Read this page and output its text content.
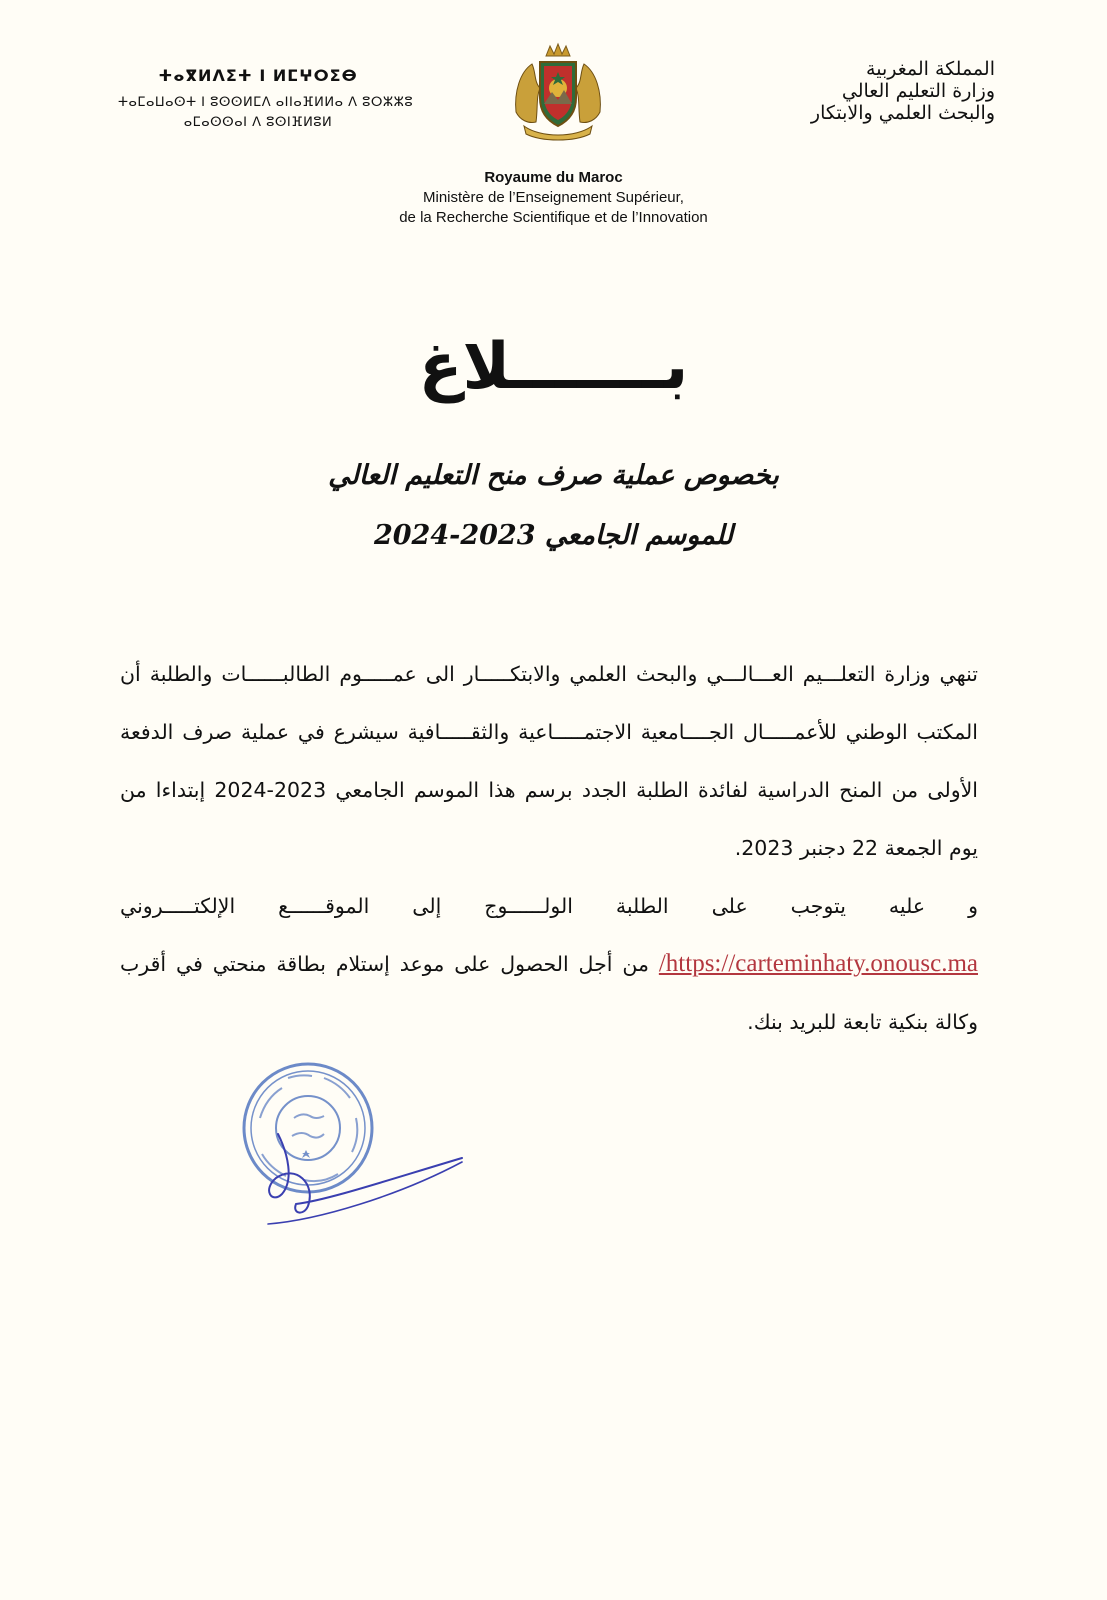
المملكة المغربية
وزارة التعليم العالي
والبحث العلمي والابتكار
ⵜⴰⴳⵍⴷⵉⵜ ⵏ ⵍⵎⵖⵔⵉⴱ
ⵜⴰⵎⴰⵡⴰⵙⵜ ⵏ ⵓⵙⵙⵍⵎⴷ ⴰⵏⵏⴰⴼⵍⵍⴰ ⴷ ⵓⵔⵣⵣⵓ
ⴰⵎⴰⵙⵙⴰⵏ ⴷ ⵓⵙⵏⴼⵍⵓⵍ
Royaume du Maroc
Ministère de l’Enseignement Supérieur,
de la Recherche Scientifique et de l’Innovation
بـــــــلاغ
بخصوص عملية صرف منح التعليم العالي
للموسم الجامعي 2023-2024

تنهي وزارة التعلـــيم العـــالـــي والبحث العلمي والابتكـــــار الى عمـــــوم الطالبــــــات والطلبة أن المكتب الوطني للأعمـــــال الجــــامعية الاجتمـــــاعية والثقـــــافية سيشرع في عملية صرف الدفعة الأولى من المنح الدراسية لفائدة الطلبة الجدد برسم هذا الموسم الجامعي 2023-2024 إبتداءا من يوم الجمعة 22 دجنبر 2023.

و عليه يتوجب على الطلبة الولــــــوج إلى الموقــــــع الإلكتـــــروني /https://carteminhaty.onousc.ma من أجل الحصول على موعد إستلام بطاقة منحتي في أقرب وكالة بنكية تابعة للبريد بنك.
